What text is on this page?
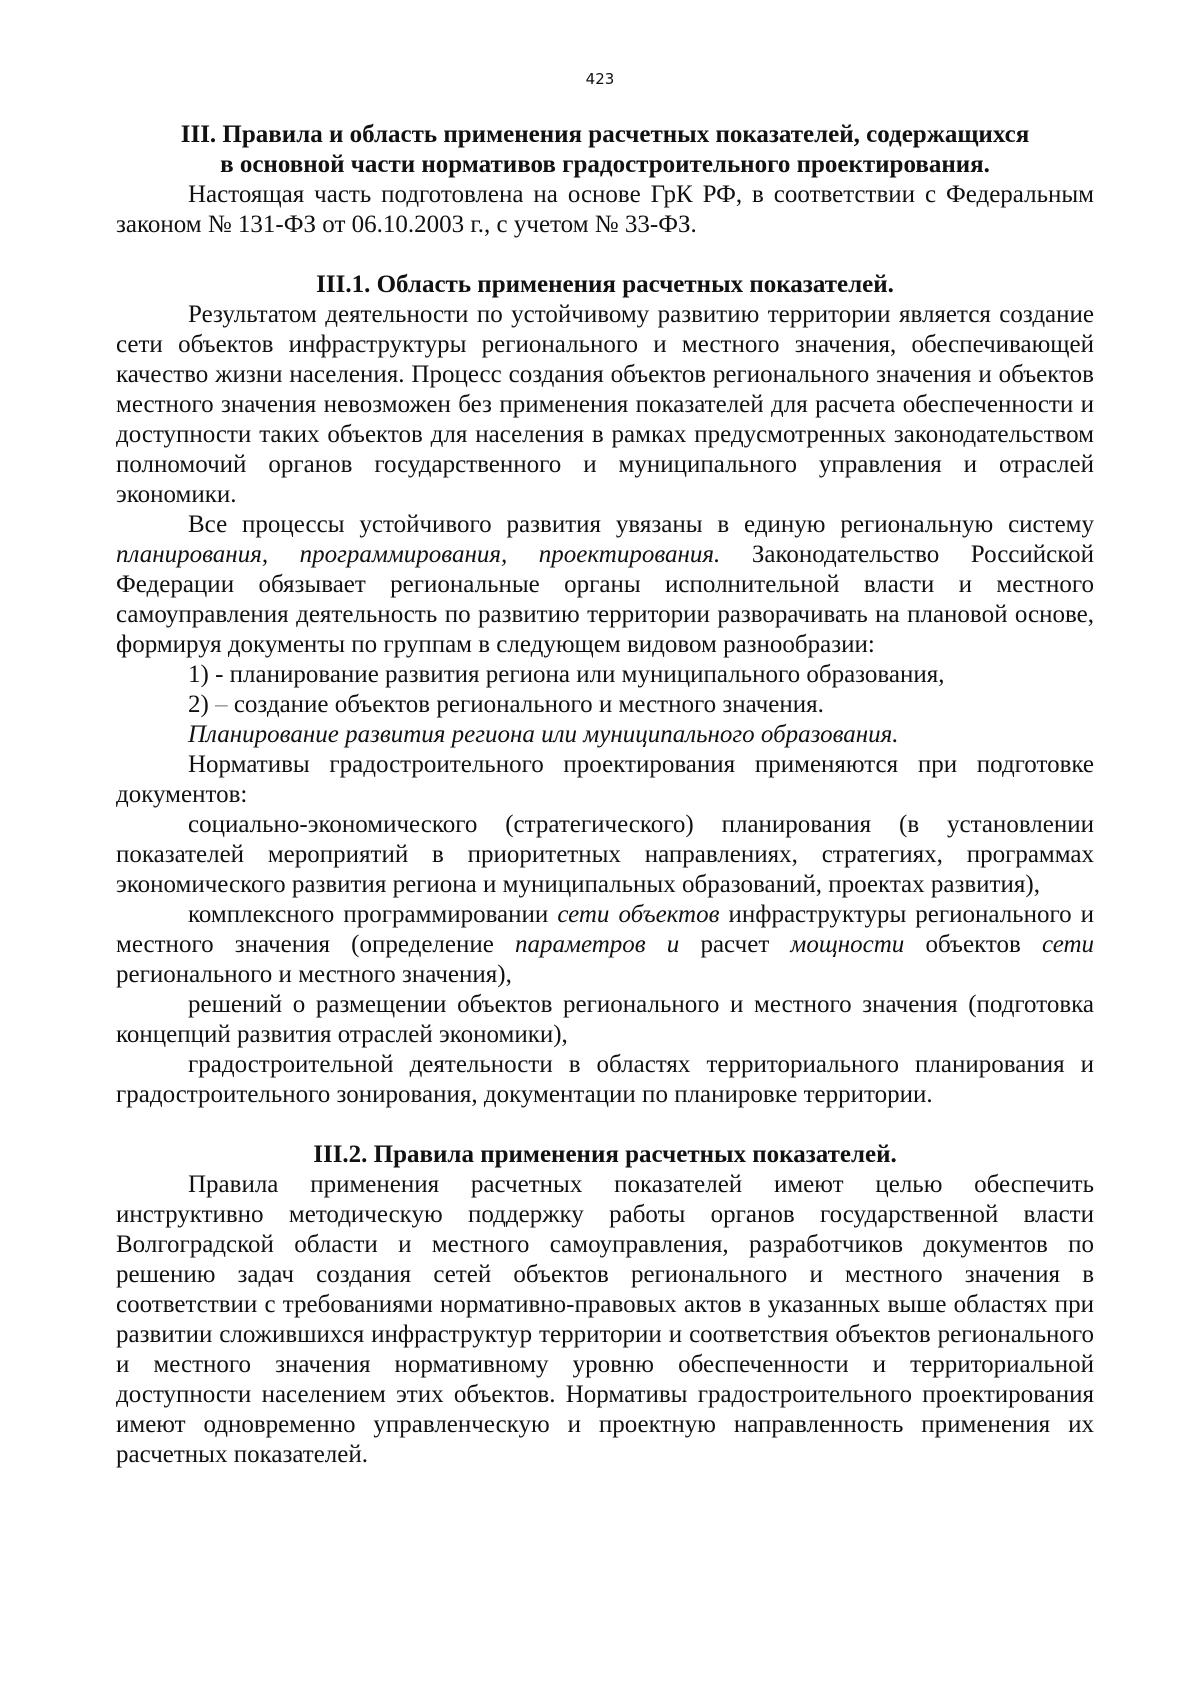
423

III. Правила и область применения расчетных показателей, содержащихся
в основной части нормативов градостроительного проектирования.

Настоящая часть подготовлена на основе ГрК РФ, в соответствии с Федеральным законом № 131-ФЗ от 06.10.2003 г., с учетом № 33-ФЗ.

III.1. Область применения расчетных показателей.

Результатом деятельности по устойчивому развитию территории является создание сети объектов инфраструктуры регионального и местного значения, обеспечивающей качество жизни населения. Процесс создания объектов регионального значения и объектов местного значения невозможен без применения показателей для расчета обеспеченности и доступности таких объектов для населения в рамках предусмотренных законодательством полномочий органов государственного и муниципального управления и отраслей экономики.

Все процессы устойчивого развития увязаны в единую региональную систему планирования, программирования, проектирования. Законодательство Российской Федерации обязывает региональные органы исполнительной власти и местного самоуправления деятельность по развитию территории разворачивать на плановой основе, формируя документы по группам в следующем видовом разнообразии:

1) - планирование развития региона или муниципального образования,

2) – создание объектов регионального и местного значения.

Планирование развития региона или муниципального образования.

Нормативы градостроительного проектирования применяются при подготовке документов:

социально-экономического (стратегического) планирования (в установлении показателей мероприятий в приоритетных направлениях, стратегиях, программах экономического развития региона и муниципальных образований, проектах развития),

комплексного программировании сети объектов инфраструктуры регионального и местного значения (определение параметров и расчет мощности объектов сети регионального и местного значения),

решений о размещении объектов регионального и местного значения (подготовка концепций развития отраслей экономики),

градостроительной деятельности в областях территориального планирования и градостроительного зонирования, документации по планировке территории.

III.2. Правила применения расчетных показателей.

Правила применения расчетных показателей имеют целью обеспечить инструктивно методическую поддержку работы органов государственной власти Волгоградской области и местного самоуправления, разработчиков документов по решению задач создания сетей объектов регионального и местного значения в соответствии с требованиями нормативно-правовых актов в указанных выше областях при развитии сложившихся инфраструктур территории и соответствия объектов регионального и местного значения нормативному уровню обеспеченности и территориальной доступности населением этих объектов. Нормативы градостроительного проектирования имеют одновременно управленческую и проектную направленность применения их расчетных показателей.
